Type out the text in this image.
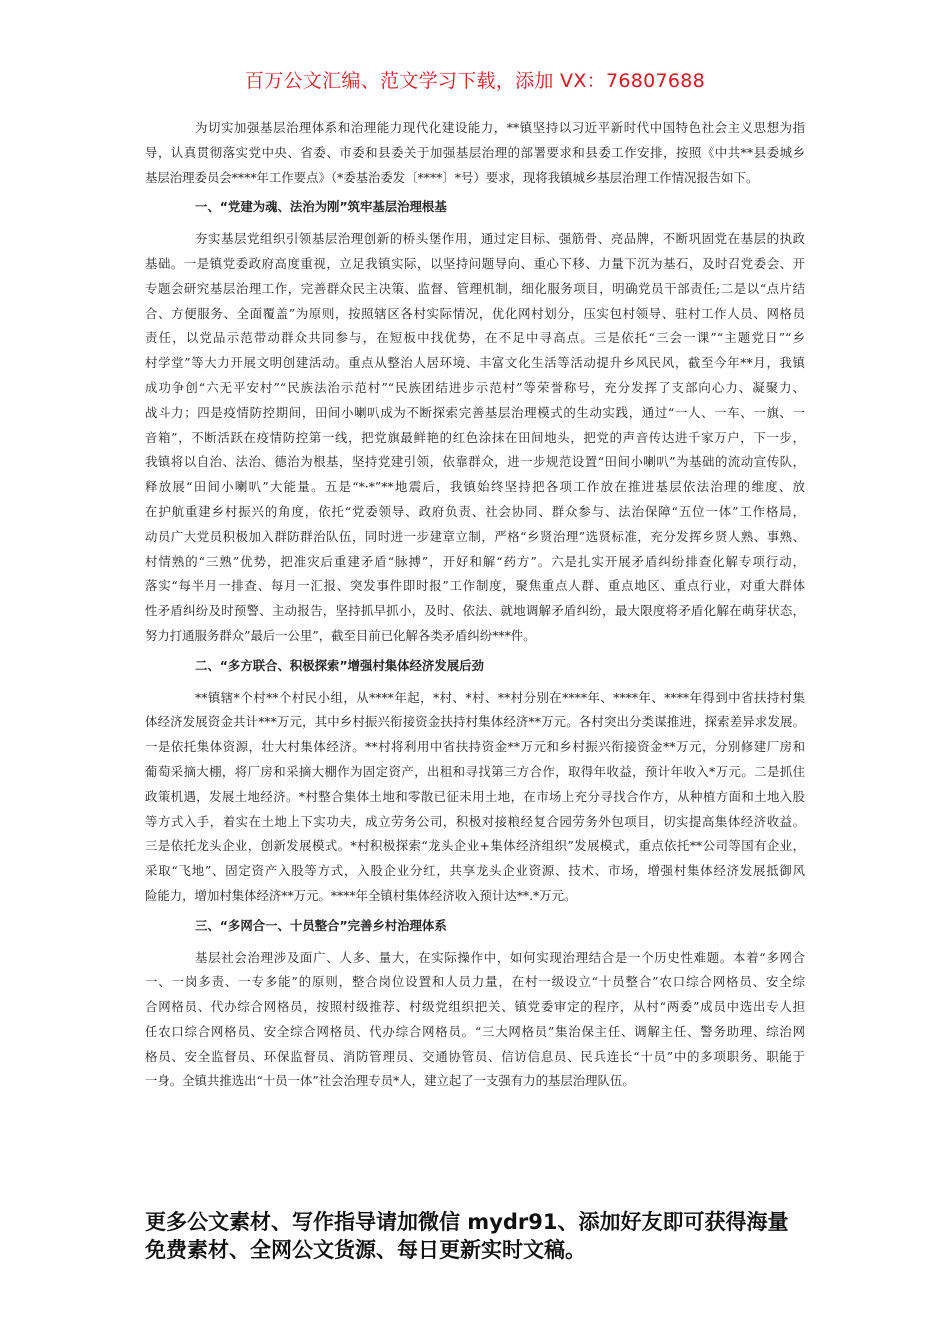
百万公文汇编、范文学习下载，添加 VX：76807688
为切实加强基层治理体系和治理能力现代化建设能力，**镇坚持以习近平新时代中国特色社会主义思想为指
导，认真贯彻落实党中央、省委、市委和县委关于加强基层治理的部署要求和县委工作安排，按照《中共**县委城乡
基层治理委员会****年工作要点》（*委基治委发〔****〕*号）要求，现将我镇城乡基层治理工作情况报告如下。
一、“党建为魂、法治为刚”筑牢基层治理根基
夯实基层党组织引领基层治理创新的桥头堡作用，通过定目标、强筋骨、亮品牌，不断巩固党在基层的执政
基础。一是镇党委政府高度重视，立足我镇实际，以坚持问题导向、重心下移、力量下沉为基石，及时召党委会、开
专题会研究基层治理工作，完善群众民主决策、监督、管理机制，细化服务项目，明确党员干部责任;二是以“点片结
合、方便服务、全面覆盖”为原则，按照辖区各村实际情况，优化网村划分，压实包村领导、驻村工作人员、网格员
责任，以党品示范带动群众共同参与，在短板中找优势，在不足中寻高点。三是依托“三会一课”“主题党日”“乡
村学堂”等大力开展文明创建活动。重点从整治人居环境、丰富文化生活等活动提升乡风民风，截至今年**月，我镇
成功争创“六无平安村”“民族法治示范村”“民族团结进步示范村”等荣誉称号，充分发挥了支部向心力、凝聚力、
战斗力；四是疫情防控期间，田间小喇叭成为不断探索完善基层治理模式的生动实践，通过“一人、一车、一旗、一
音箱”，不断活跃在疫情防控第一线，把党旗最鲜艳的红色涂抹在田间地头，把党的声音传达进千家万户，下一步，
我镇将以自治、法治、德治为根基，坚持党建引领，依靠群众，进一步规范设置“田间小喇叭”为基础的流动宣传队，
释放展“田间小喇叭”大能量。五是“*·*”**地震后，我镇始终坚持把各项工作放在推进基层依法治理的维度、放
在护航重建乡村振兴的角度，依托“党委领导、政府负责、社会协同、群众参与、法治保障“五位一体”工作格局，
动员广大党员积极加入群防群治队伍，同时进一步建章立制，严格“乡贤治理”选贤标准，充分发挥乡贤人熟、事熟、
村情熟的“三熟”优势，把准灾后重建矛盾“脉搏”，开好和解“药方”。六是扎实开展矛盾纠纷排查化解专项行动，
落实“每半月一排查、每月一汇报、突发事件即时报”工作制度，聚焦重点人群、重点地区、重点行业，对重大群体
性矛盾纠纷及时预警、主动报告，坚持抓早抓小，及时、依法、就地调解矛盾纠纷，最大限度将矛盾化解在萌芽状态，
努力打通服务群众”最后一公里”，截至目前已化解各类矛盾纠纷***件。
二、“多方联合、积极探索”增强村集体经济发展后劲
**镇辖*个村**个村民小组，从****年起，*村、*村、**村分别在****年、****年、****年得到中省扶持村集
体经济发展资金共计***万元，其中乡村振兴衔接资金扶持村集体经济**万元。各村突出分类谋推进，探索差异求发展。
一是依托集体资源，壮大村集体经济。**村将利用中省扶持资金**万元和乡村振兴衔接资金**万元，分别修建厂房和
葡萄采摘大棚，将厂房和采摘大棚作为固定资产，出租和寻找第三方合作，取得年收益，预计年收入*万元。二是抓住
政策机遇，发展土地经济。*村整合集体土地和零散已征未用土地，在市场上充分寻找合作方，从种植方面和土地入股
等方式入手，着实在土地上下实功夫，成立劳务公司，积极对接粮经复合园劳务外包项目，切实提高集体经济收益。
三是依托龙头企业，创新发展模式。*村积极探索“龙头企业+集体经济组织”发展模式，重点依托**公司等国有企业，
采取“飞地”、固定资产入股等方式，入股企业分红，共享龙头企业资源、技术、市场，增强村集体经济发展抵御风
险能力，增加村集体经济**万元。****年全镇村集体经济收入预计达**.*万元。
三、“多网合一、十员整合”完善乡村治理体系
基层社会治理涉及面广、人多、量大，在实际操作中，如何实现治理结合是一个历史性难题。本着“多网合
一、一岗多责、一专多能”的原则，整合岗位设置和人员力量，在村一级设立“十员整合”农口综合网格员、安全综
合网格员、代办综合网格员，按照村级推荐、村级党组织把关、镇党委审定的程序，从村“两委”成员中选出专人担
任农口综合网格员、安全综合网格员、代办综合网格员。“三大网格员”集治保主任、调解主任、警务助理、综治网
格员、安全监督员、环保监督员、消防管理员、交通协管员、信访信息员、民兵连长“十员”中的多项职务、职能于
一身。全镇共推选出“十员一体”社会治理专员*人，建立起了一支强有力的基层治理队伍。
更多公文素材、写作指导请加微信 mydr91、添加好友即可获得海量
免费素材、全网公文货源、每日更新实时文稿。
